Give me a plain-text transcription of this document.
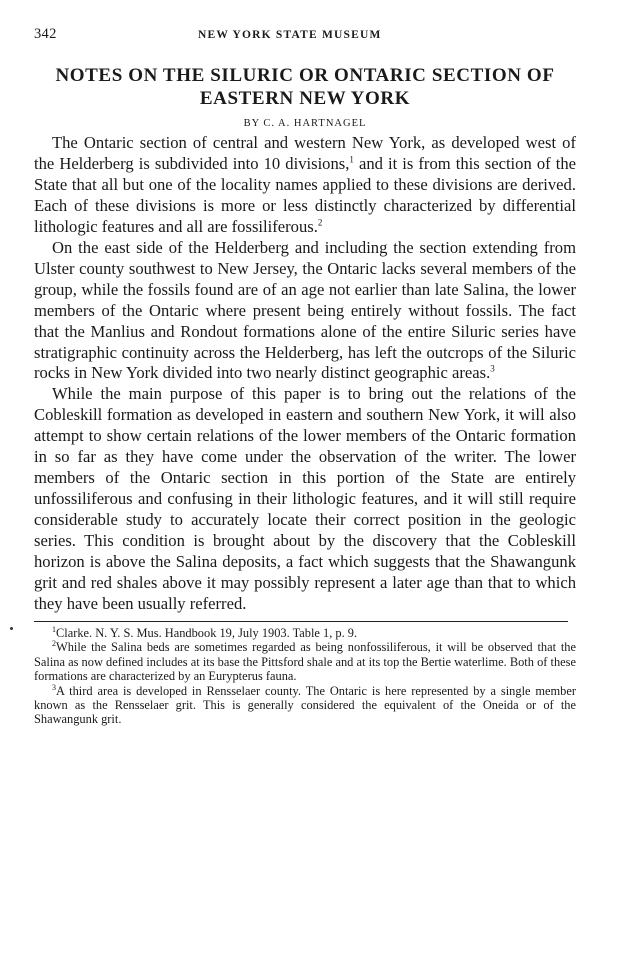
342	NEW YORK STATE MUSEUM
NOTES ON THE SILURIC OR ONTARIC SECTION OF EASTERN NEW YORK
BY C. A. HARTNAGEL

The Ontaric section of central and western New York, as developed west of the Helderberg is subdivided into 10 divisions,$^1$ and it is from this section of the State that all but one of the locality names applied to these divisions are derived. Each of these divisions is more or less distinctly characterized by differential lithologic features and all are fossiliferous.$^2$

On the east side of the Helderberg and including the section extending from Ulster county southwest to New Jersey, the Ontaric lacks several members of the group, while the fossils found are of an age not earlier than late Salina, the lower members of the Ontaric where present being entirely without fossils. The fact that the Manlius and Rondout formations alone of the entire Siluric series have stratigraphic continuity across the Helderberg, has left the outcrops of the Siluric rocks in New York divided into two nearly distinct geographic areas.$^3$

While the main purpose of this paper is to bring out the relations of the Cobleskill formation as developed in eastern and southern New York, it will also attempt to show certain relations of the lower members of the Ontaric formation in so far as they have come under the observation of the writer. The lower members of the Ontaric section in this portion of the State are entirely unfossiliferous and confusing in their lithologic features, and it will still require considerable study to accurately locate their correct position in the geologic series. This condition is brought about by the discovery that the Cobleskill horizon is above the Salina deposits, a fact which suggests that the Shawangunk grit and red shales above it may possibly represent a later age than that to which they have been usually referred.

$^1$Clarke. N. Y. S. Mus. Handbook 19, July 1903. Table 1, p. 9.

$^2$While the Salina beds are sometimes regarded as being nonfossiliferous, it will be observed that the Salina as now defined includes at its base the Pittsford shale and at its top the Bertie waterlime. Both of these formations are characterized by an Eurypterus fauna.

$^3$A third area is developed in Rensselaer county. The Ontaric is here represented by a single member known as the Rensselaer grit. This is generally considered the equivalent of the Oneida or of the Shawangunk grit.
